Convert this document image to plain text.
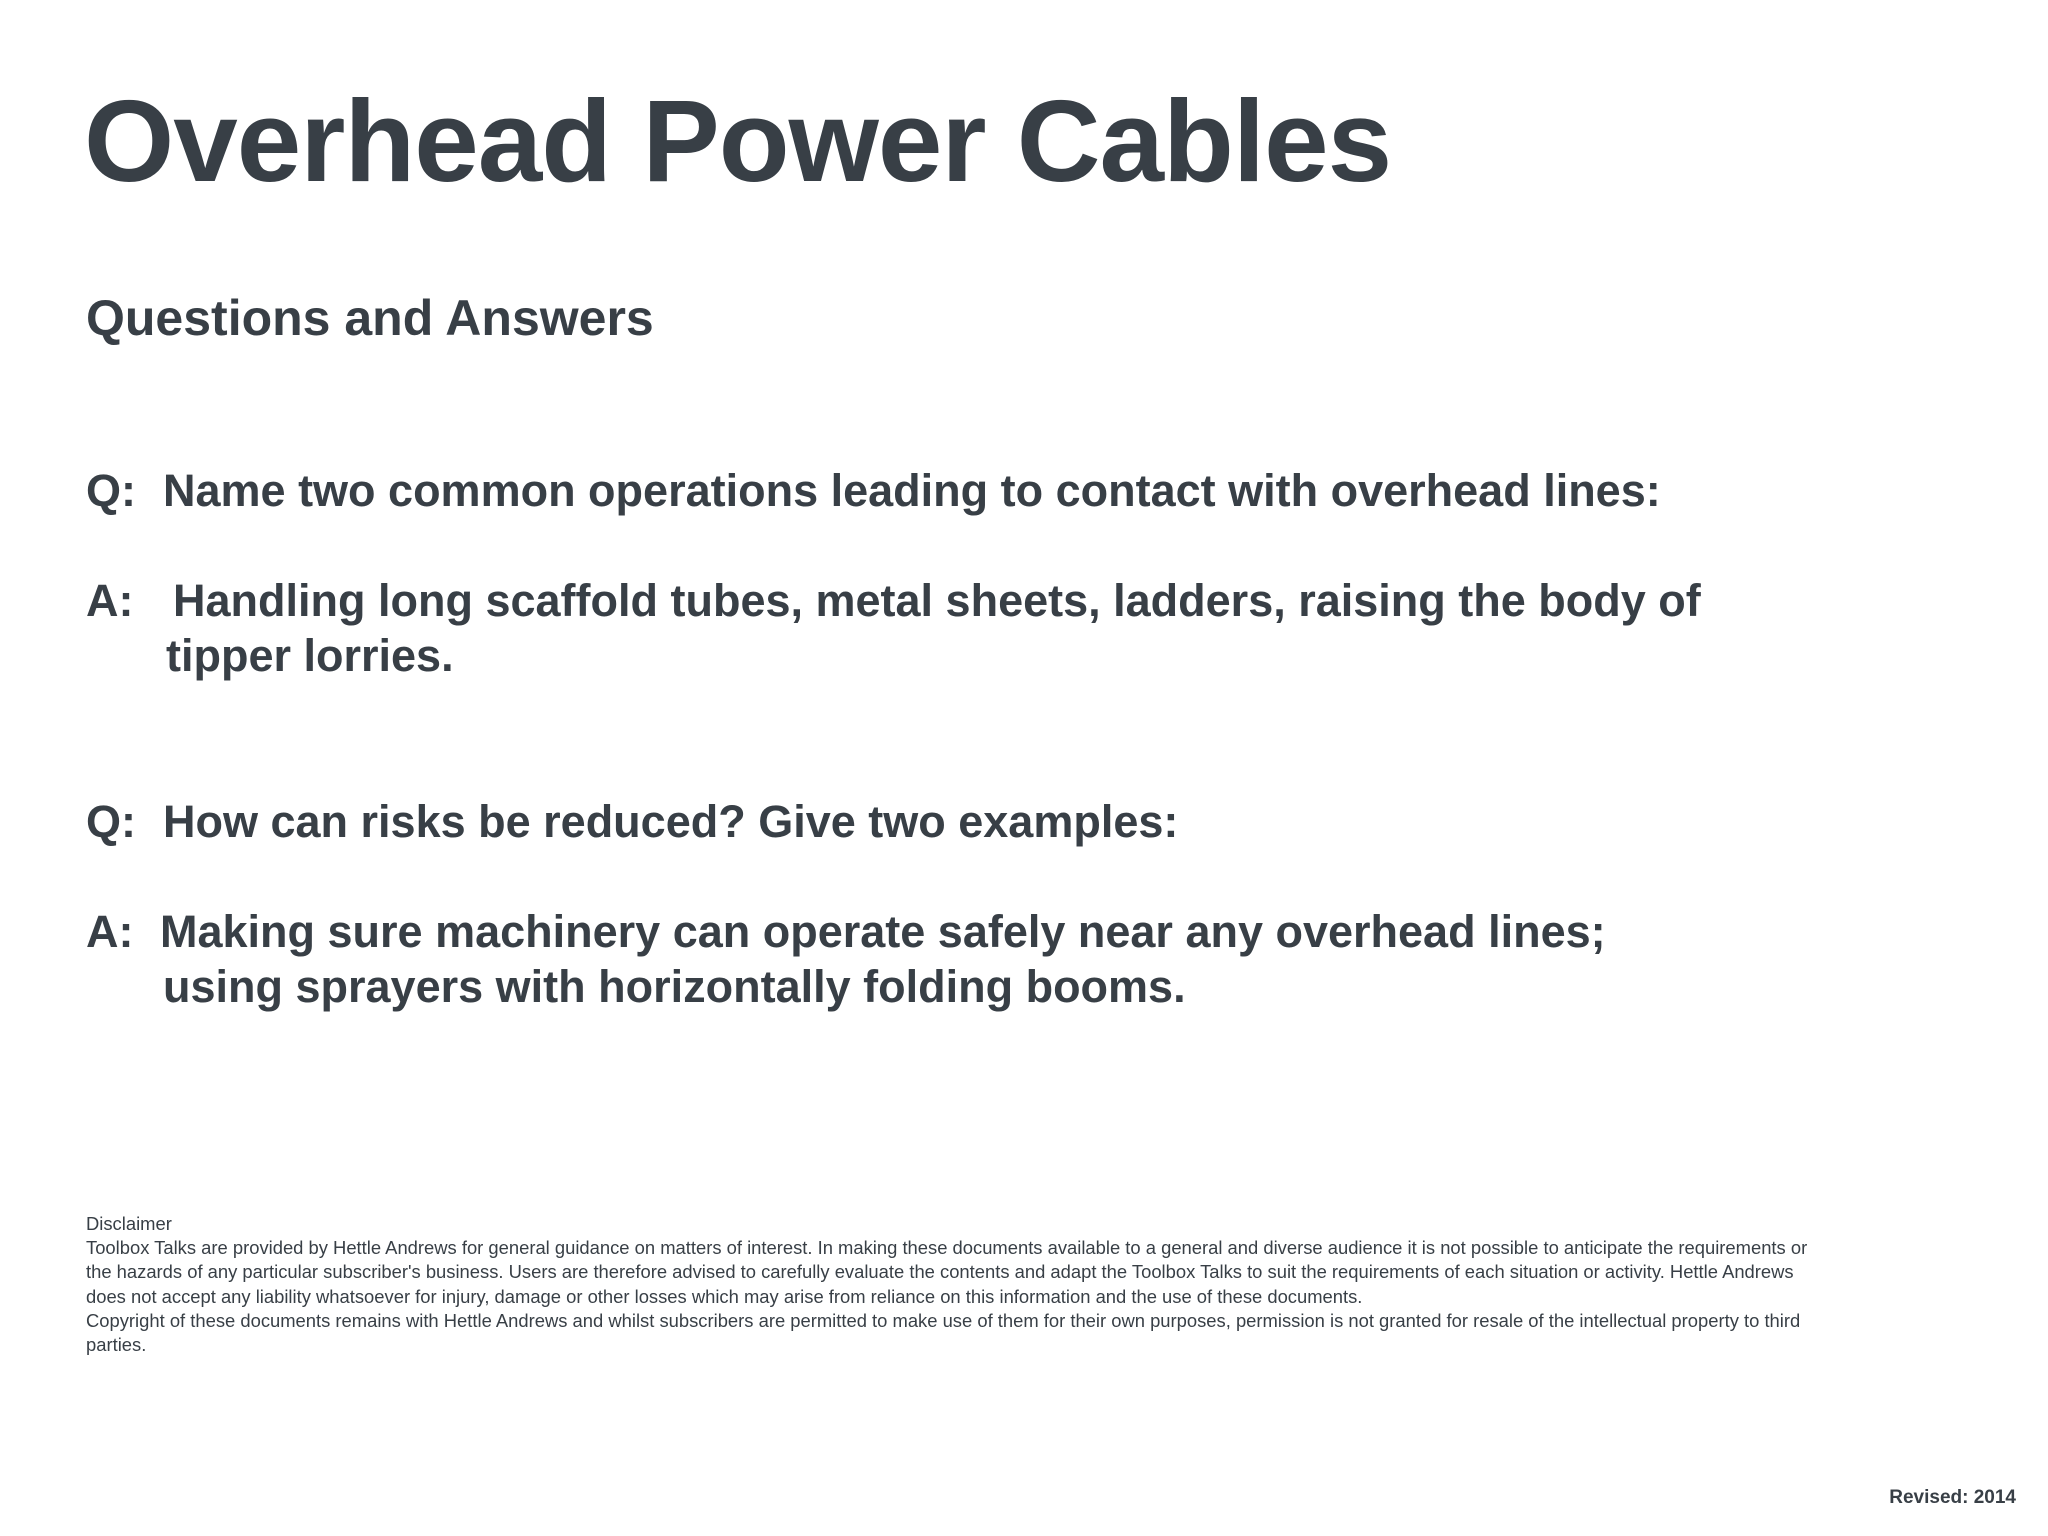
Overhead Power Cables
Questions and Answers
Q: Name two common operations leading to contact with overhead lines:
A: Handling long scaffold tubes, metal sheets, ladders, raising the body of
tipper lorries.
Q: How can risks be reduced? Give two examples:
A: Making sure machinery can operate safely near any overhead lines;
using sprayers with horizontally folding booms.

Disclaimer

Toolbox Talks are provided by Hettle Andrews for general guidance on matters of interest. In making these documents available to a general and diverse audience it is not possible to anticipate the requirements or the hazards of any particular subscriber's business. Users are therefore advised to carefully evaluate the contents and adapt the Toolbox Talks to suit the requirements of each situation or activity. Hettle Andrews does not accept any liability whatsoever for injury, damage or other losses which may arise from reliance on this information and the use of these documents.

Copyright of these documents remains with Hettle Andrews and whilst subscribers are permitted to make use of them for their own purposes, permission is not granted for resale of the intellectual property to third parties.

Revised: 2014
